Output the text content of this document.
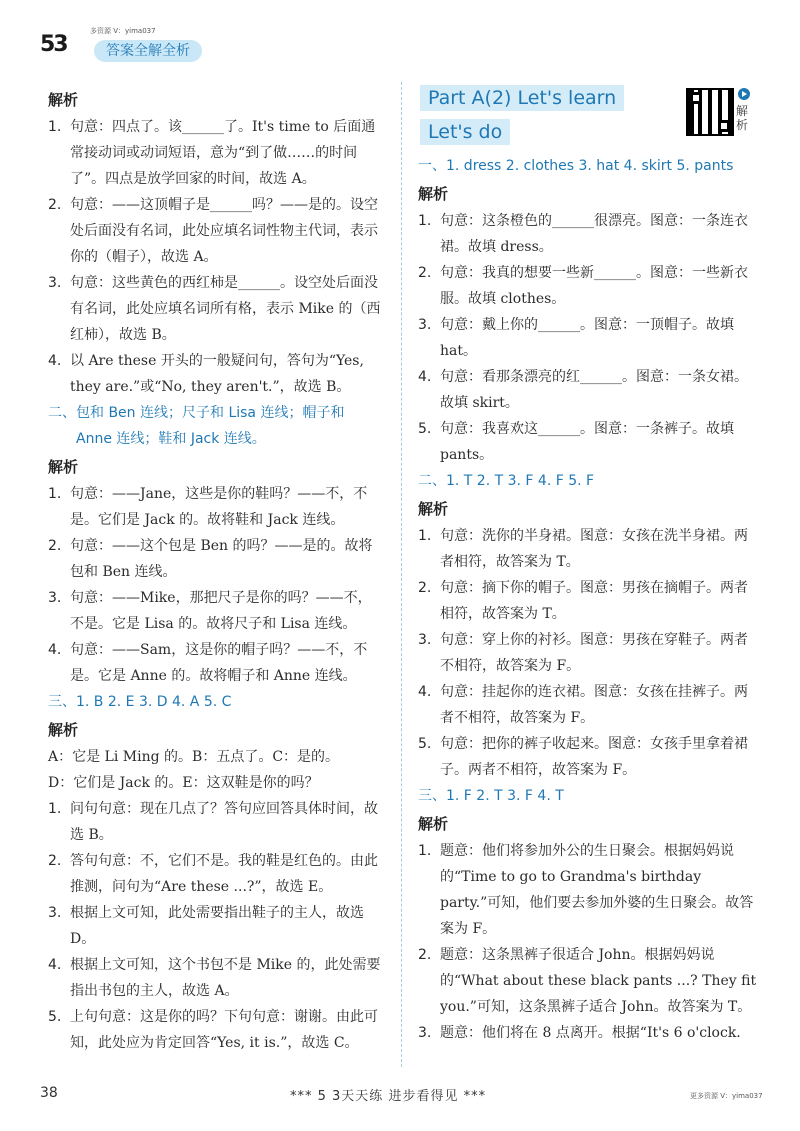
53
多资源 V：yima037
答案全解全析
解析
1. 句意：四点了。该______了。It's time to 后面通常接动词或动词短语，意为“到了做……的时间了”。四点是放学回家的时间，故选 A。
2. 句意：——这顶帽子是______吗？——是的。设空处后面没有名词，此处应填名词性物主代词，表示你的（帽子），故选 A。
3. 句意：这些黄色的西红柿是______。设空处后面没有名词，此处应填名词所有格，表示 Mike 的（西红柿），故选 B。
4. 以 Are these 开头的一般疑问句，答句为“Yes, they are.”或“No, they aren't.”，故选 B。
二、 包和 Ben 连线；尺子和 Lisa 连线；帽子和 Anne 连线；鞋和 Jack 连线。
解析
1. 句意：——Jane，这些是你的鞋吗？——不，不是。它们是 Jack 的。故将鞋和 Jack 连线。
2. 句意：——这个包是 Ben 的吗？——是的。故将包和 Ben 连线。
3. 句意：——Mike，那把尺子是你的吗？——不，不是。它是 Lisa 的。故将尺子和 Lisa 连线。
4. 句意：——Sam，这是你的帽子吗？——不，不是。它是 Anne 的。故将帽子和 Anne 连线。
三、 1. B 2. E 3. D 4. A 5. C
解析
A：它是 Li Ming 的。B：五点了。C：是的。
D：它们是 Jack 的。E：这双鞋是你的吗？
1. 问句句意：现在几点了？答句应回答具体时间，故选 B。
2. 答句句意：不，它们不是。我的鞋是红色的。由此推测，问句为“Are these ...?”，故选 E。
3. 根据上文可知，此处需要指出鞋子的主人，故选 D。
4. 根据上文可知，这个书包不是 Mike 的，此处需要指出书包的主人，故选 A。
5. 上句句意：这是你的吗？下句句意：谢谢。由此可知，此处应为肯定回答“Yes, it is.”，故选 C。
Part A(2) Let's learn
Let's do
一、 1. dress 2. clothes 3. hat 4. skirt 5. pants
解析
1. 句意：这条橙色的______很漂亮。图意：一条连衣裙。故填 dress。
2. 句意：我真的想要一些新______。图意：一些新衣服。故填 clothes。
3. 句意：戴上你的______。图意：一顶帽子。故填 hat。
4. 句意：看那条漂亮的红______。图意：一条女裙。故填 skirt。
5. 句意：我喜欢这______。图意：一条裤子。故填 pants。
二、 1. T 2. T 3. F 4. F 5. F
解析
1. 句意：洗你的半身裙。图意：女孩在洗半身裙。两者相符，故答案为 T。
2. 句意：摘下你的帽子。图意：男孩在摘帽子。两者相符，故答案为 T。
3. 句意：穿上你的衬衫。图意：男孩在穿鞋子。两者不相符，故答案为 F。
4. 句意：挂起你的连衣裙。图意：女孩在挂裤子。两者不相符，故答案为 F。
5. 句意：把你的裤子收起来。图意：女孩手里拿着裙子。两者不相符，故答案为 F。
三、 1. F 2. T 3. F 4. T
解析
1. 题意：他们将参加外公的生日聚会。根据妈妈说的“Time to go to Grandma's birthday party.”可知，他们要去参加外婆的生日聚会。故答案为 F。
2. 题意：这条黑裤子很适合 John。根据妈妈说的“What about these black pants ...? They fit you.”可知，这条黑裤子适合 John。故答案为 T。
3. 题意：他们将在 8 点离开。根据“It's 6 o'clock.
解析
38	*** 5 3天天练 进步看得见 ***	更多资源 V：yima037
